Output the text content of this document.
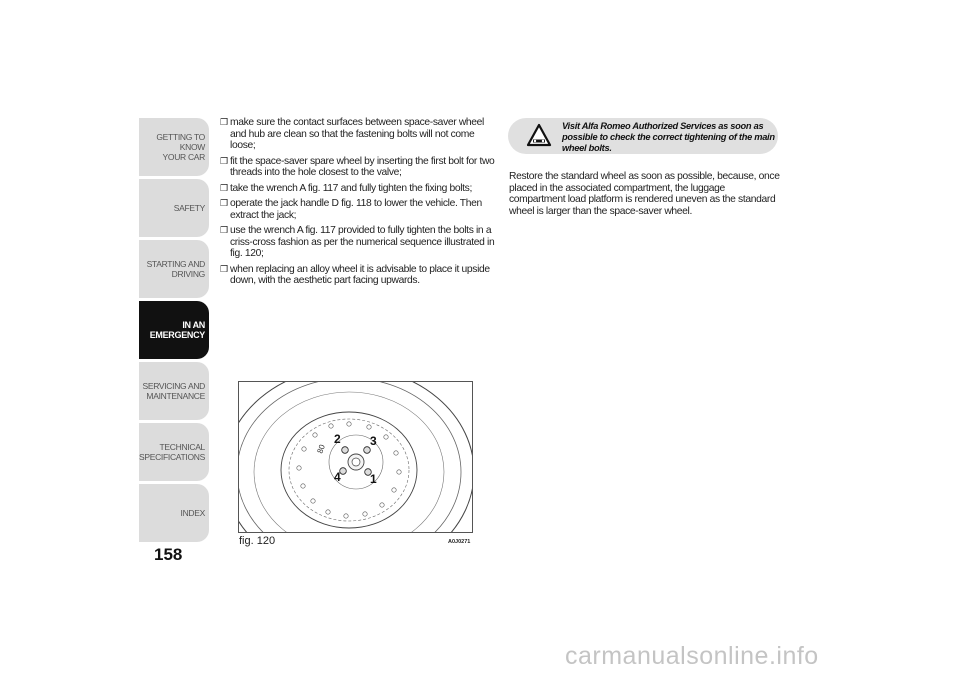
GETTING TO KNOW
YOUR CAR
SAFETY
STARTING AND
DRIVING
IN AN
EMERGENCY
SERVICING AND
MAINTENANCE
TECHNICAL
SPECIFICATIONS
INDEX
158
❒ make sure the contact surfaces between space-saver wheel and hub are clean so that the fastening bolts will not come loose;
❒ fit the space-saver spare wheel by inserting the first bolt for two threads into the hole closest to the valve;
❒ take the wrench A fig. 117 and fully tighten the fixing bolts;
❒ operate the jack handle D fig. 118 to lower the vehicle. Then extract the jack;
❒ use the wrench A fig. 117 provided to fully tighten the bolts in a criss-cross fashion as per the numerical sequence illustrated in fig. 120;
❒ when replacing an alloy wheel it is advisable to place it upside down, with the aesthetic part facing upwards.
2 3
1
4
80
fig. 120	A0J0271
Visit Alfa Romeo Authorized Services as soon as possible to check the correct tightening of the main wheel bolts.
Restore the standard wheel as soon as possible, because, once placed in the associated compartment, the luggage compartment load platform is rendered uneven as the standard wheel is larger than the space-saver wheel.
carmanualsonline.info
